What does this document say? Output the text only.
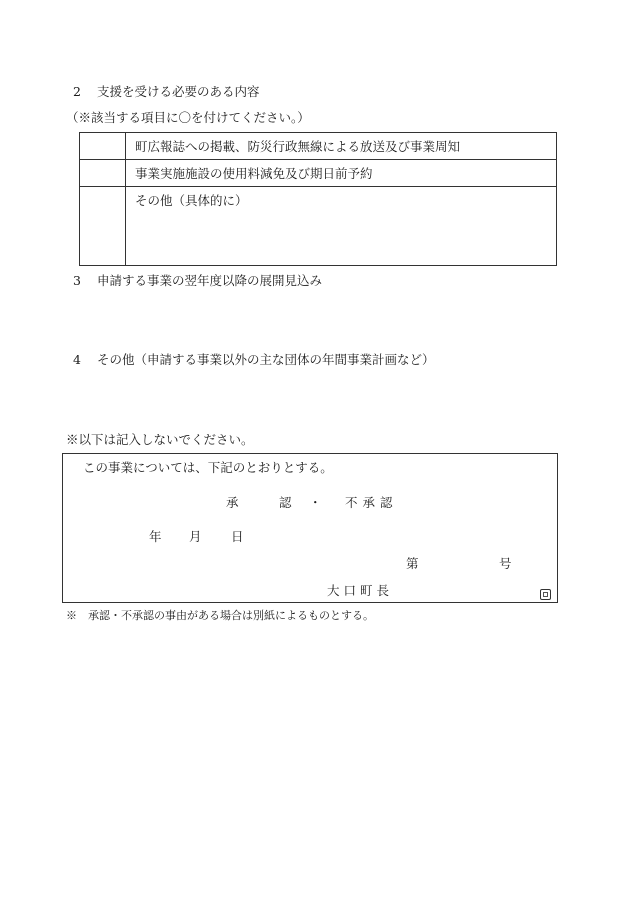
2 支援を受ける必要のある内容
（※該当する項目に〇を付けてください。）
町広報誌への掲載、防災行政無線による放送及び事業周知
事業実施施設の使用料減免及び期日前予約
その他（具体的に）
3 申請する事業の翌年度以降の展開見込み
4 その他（申請する事業以外の主な団体の年間事業計画など）
※以下は記入しないでください。
この事業については、下記のとおりとする。
承　認 ・ 不承認
年 月 日
第	号
大口町長
※　承認・不承認の事由がある場合は別紙によるものとする。
